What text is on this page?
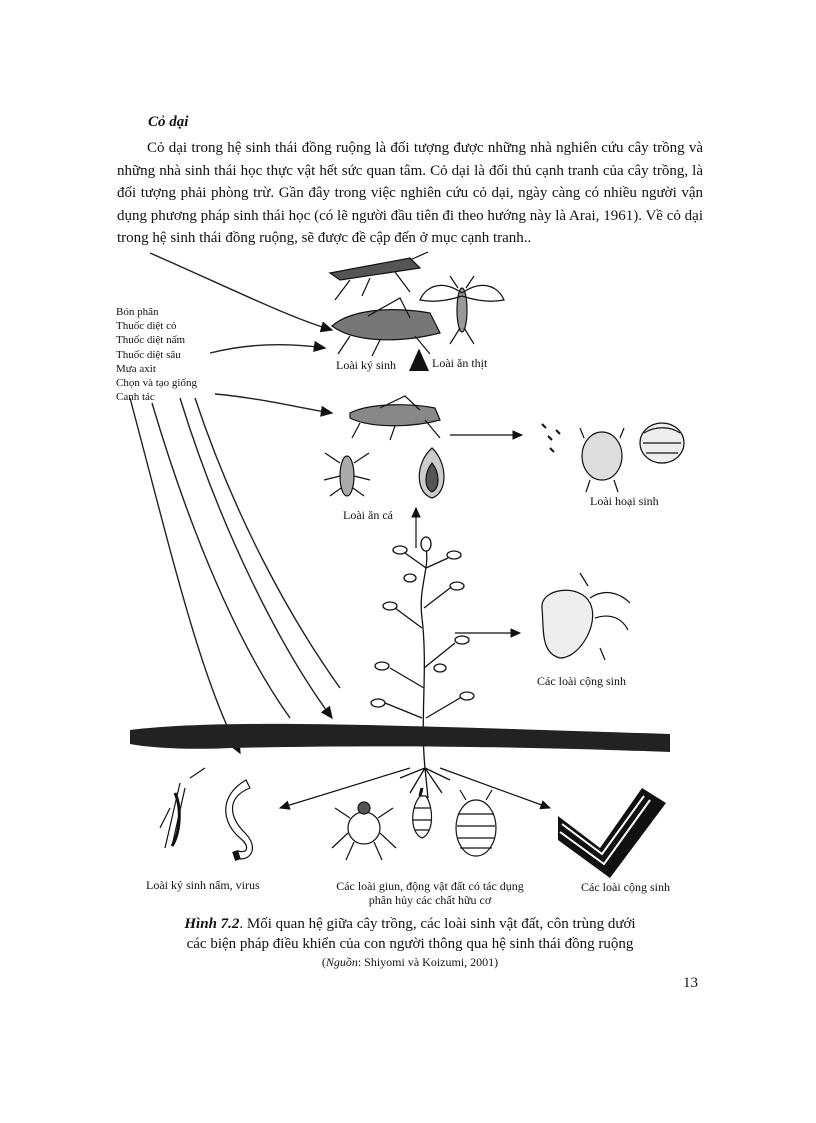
Cỏ dại

Cỏ dại trong hệ sinh thái đồng ruộng là đối tượng được những nhà nghiên cứu cây trồng và những nhà sinh thái học thực vật hết sức quan tâm. Cỏ dại là đối thủ cạnh tranh của cây trồng, là đối tượng phải phòng trừ. Gần đây trong việc nghiên cứu cỏ dại, ngày càng có nhiều người vận dụng phương pháp sinh thái học (có lẽ người đầu tiên đi theo hướng này là Arai, 1961). Về cỏ dại trong hệ sinh thái đồng ruộng, sẽ được đề cập đến ở mục cạnh tranh..

Bón phân
Thuốc diệt cỏ
Thuốc diệt nấm
Thuốc diệt sâu
Mưa axit
Chọn và tạo giống
Canh tác
Loài ký sinh	Loài ăn thịt
Loài hoại sinh
Loài ăn cá
Các loài cộng sinh
Loài ký sinh nấm, virus	Các loài giun, động vật đất có tác dụng
phân hủy các chất hữu cơ
Các loài cộng sinh
Hình 7.2. Mối quan hệ giữa cây trồng, các loài sinh vật đất, côn trùng dưới
các biện pháp điều khiển của con người thông qua hệ sinh thái đồng ruộng
(Nguồn: Shiyomi và Koizumi, 2001)
13
